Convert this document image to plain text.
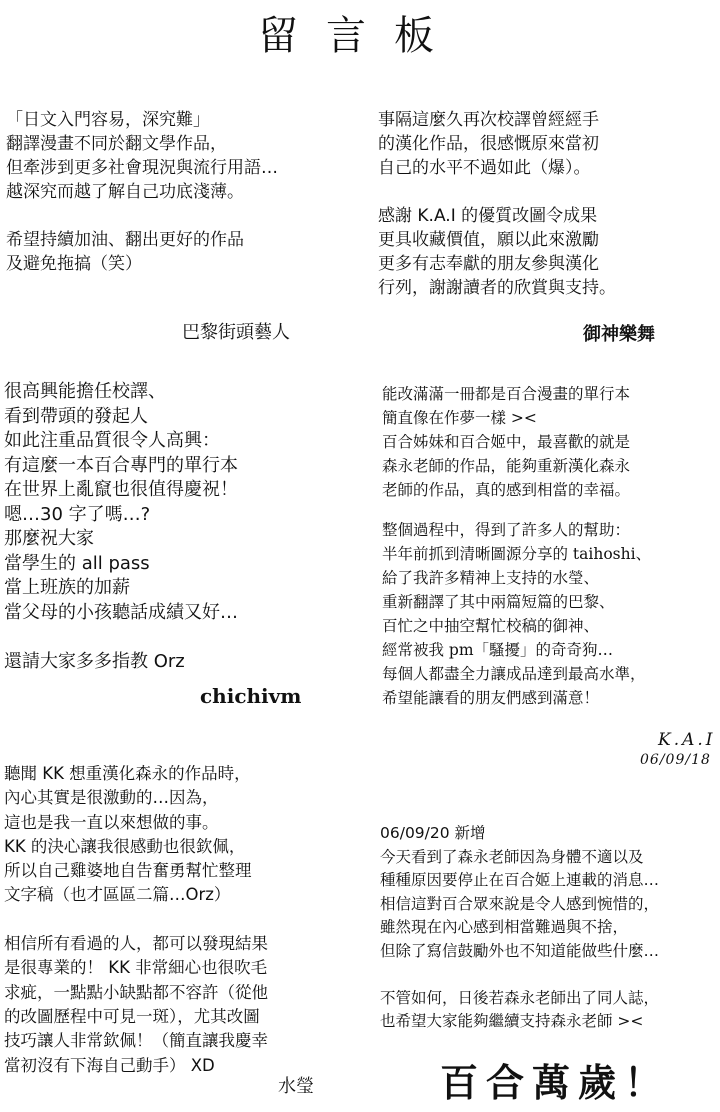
留言板
「日文入門容易，深究難」
翻譯漫畫不同於翻文學作品，
但牽涉到更多社會現況與流行用語…
越深究而越了解自己功底淺薄。

希望持續加油、翻出更好的作品
及避免拖搞（笑）
巴黎街頭藝人
事隔這麼久再次校譯曾經經手
的漢化作品，很感慨原來當初
自己的水平不過如此（爆）。

感謝 K.A.I 的優質改圖令成果
更具收藏價值，願以此來激勵
更多有志奉獻的朋友參與漢化
行列，謝謝讀者的欣賞與支持。
御神樂舞
很高興能擔任校譯、
看到帶頭的發起人
如此注重品質很令人高興：
有這麼一本百合專門的單行本
在世界上亂竄也很值得慶祝！
嗯…30 字了嗎…?
那麼祝大家
當學生的 all pass
當上班族的加薪
當父母的小孩聽話成績又好…

還請大家多多指教 Orz
chichivm
能改滿滿一冊都是百合漫畫的單行本
簡直像在作夢一樣 ><
百合姊妹和百合姬中，最喜歡的就是
森永老師的作品，能夠重新漢化森永
老師的作品，真的感到相當的幸福。
整個過程中，得到了許多人的幫助：
半年前抓到清晰圖源分享的 taihoshi、
給了我許多精神上支持的水瑩、
重新翻譯了其中兩篇短篇的巴黎、
百忙之中抽空幫忙校稿的御神、
經常被我 pm「騷擾」的奇奇狗…
每個人都盡全力讓成品達到最高水準，
希望能讓看的朋友們感到滿意！
K.A.I
06/09/18
聽聞 KK 想重漢化森永的作品時，
內心其實是很激動的…因為，
這也是我一直以來想做的事。
KK 的決心讓我很感動也很欽佩，
所以自己雞婆地自告奮勇幫忙整理
文字稿（也才區區二篇…Orz）

相信所有看過的人，都可以發現結果
是很專業的！ KK 非常細心也很吹毛
求疵，一點點小缺點都不容許（從他
的改圖歷程中可見一斑），尤其改圖
技巧讓人非常欽佩！（簡直讓我慶幸
當初沒有下海自己動手） XD
水瑩
06/09/20 新增
今天看到了森永老師因為身體不適以及
種種原因要停止在百合姬上連載的消息…
相信這對百合眾來說是令人感到惋惜的，
雖然現在內心感到相當難過與不捨，
但除了寫信鼓勵外也不知道能做些什麼…

不管如何，日後若森永老師出了同人誌，
也希望大家能夠繼續支持森永老師 ><
百合萬歲！
